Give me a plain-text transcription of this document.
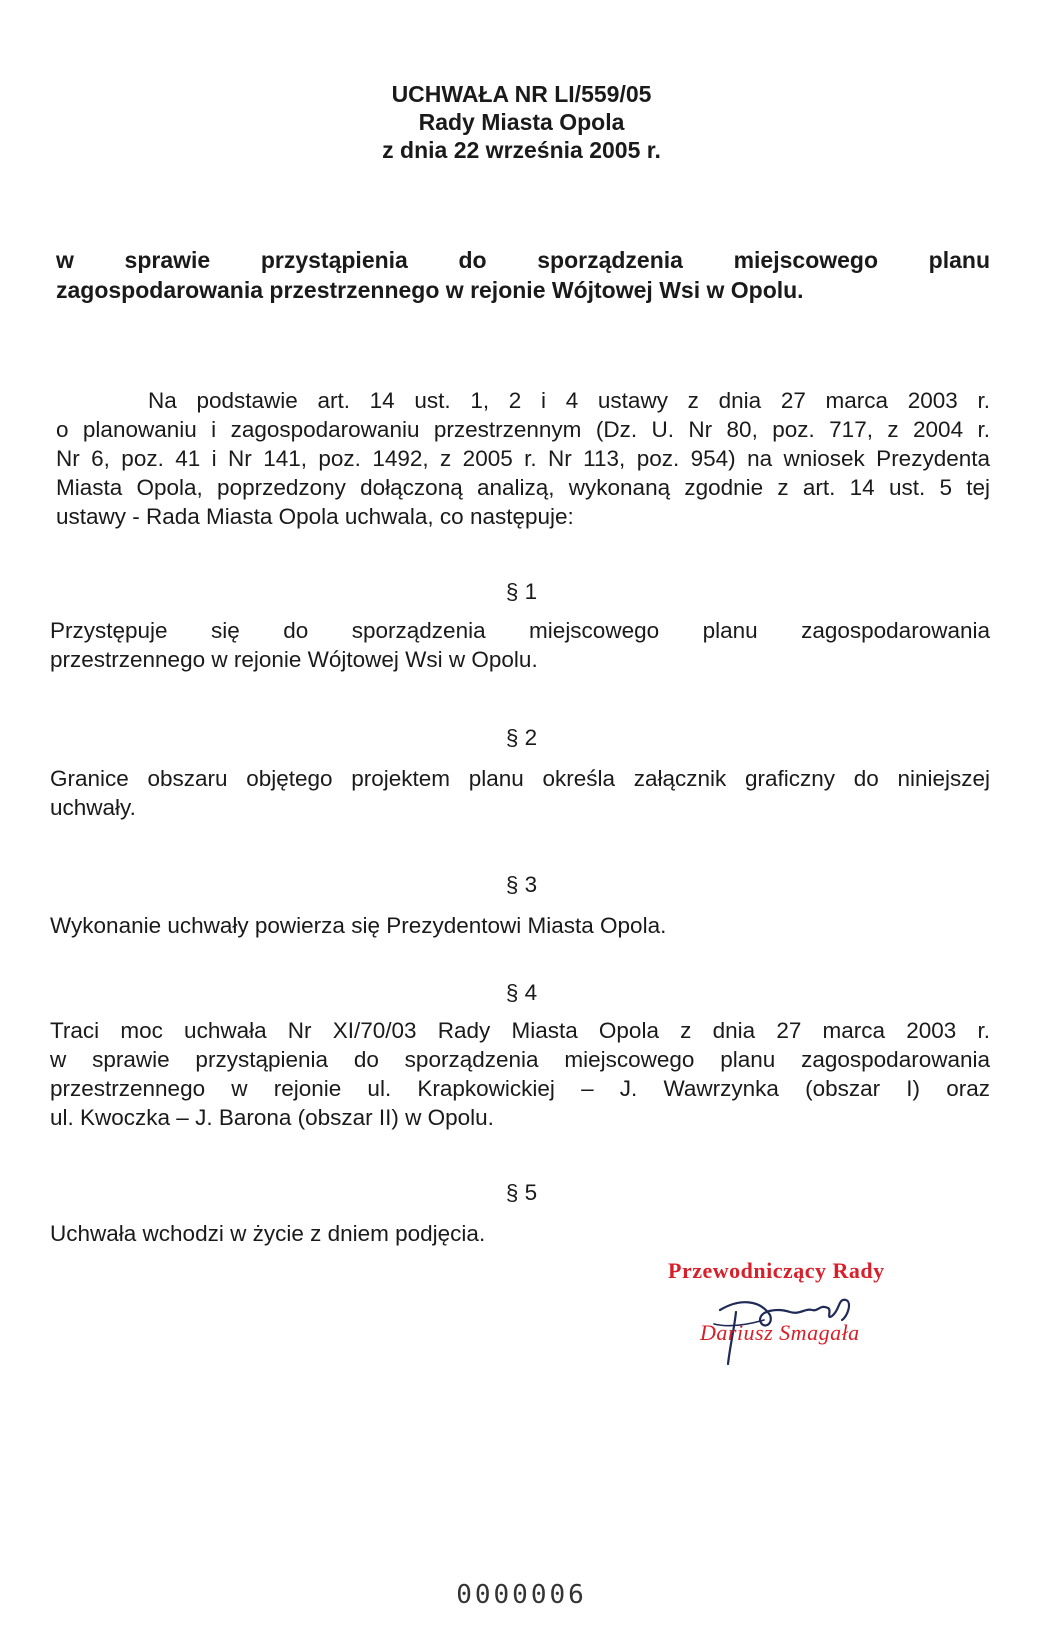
UCHWAŁA NR LI/559/05
Rady Miasta Opola
z dnia 22 września 2005 r.
w sprawie przystąpienia do sporządzenia miejscowego planu
zagospodarowania przestrzennego w rejonie Wójtowej Wsi w Opolu.
Na podstawie art. 14 ust. 1, 2 i 4 ustawy z dnia 27 marca 2003 r.
o planowaniu i zagospodarowaniu przestrzennym (Dz. U. Nr 80, poz. 717, z 2004 r.
Nr 6, poz. 41 i Nr 141, poz. 1492, z 2005 r. Nr 113, poz. 954) na wniosek Prezydenta
Miasta Opola, poprzedzony dołączoną analizą, wykonaną zgodnie z art. 14 ust. 5 tej
ustawy - Rada Miasta Opola uchwala, co następuje:
§ 1
Przystępuje się do sporządzenia miejscowego planu zagospodarowania
przestrzennego w rejonie Wójtowej Wsi w Opolu.
§ 2
Granice obszaru objętego projektem planu określa załącznik graficzny do niniejszej
uchwały.
§ 3
Wykonanie uchwały powierza się Prezydentowi Miasta Opola.
§ 4
Traci moc uchwała Nr XI/70/03 Rady Miasta Opola z dnia 27 marca 2003 r.
w sprawie przystąpienia do sporządzenia miejscowego planu zagospodarowania
przestrzennego w rejonie ul. Krapkowickiej – J. Wawrzynka (obszar I) oraz
ul. Kwoczka – J. Barona (obszar II) w Opolu.
§ 5
Uchwała wchodzi w życie z dniem podjęcia.
Przewodniczący Rady
Dariusz Smagała
0000006
